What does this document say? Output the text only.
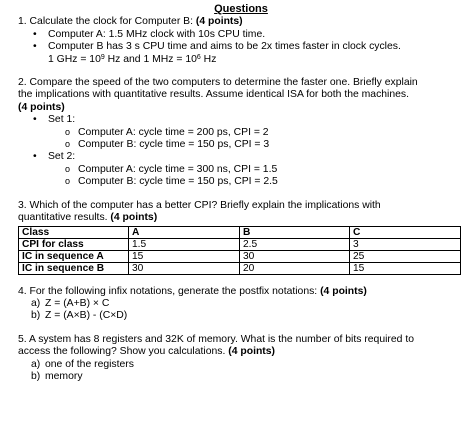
Questions

1. Calculate the clock for Computer B: (4 points)

• Computer A: 1.5 MHz clock with 10s CPU time.
• Computer B has 3 s CPU time and aims to be 2x times faster in clock cycles.
1 GHz = $10^9$ Hz and 1 MHz = $10^6$ Hz

2. Compare the speed of the two computers to determine the faster one. Briefly explain

the implications with quantitative results. Assume identical ISA for both the machines.

(4 points)

• Set 1:
o Computer A: cycle time = 200 ps, CPI = 2
o Computer B: cycle time = 150 ps, CPI = 3
• Set 2:
o Computer A: cycle time = 300 ns, CPI = 1.5
o Computer B: cycle time = 150 ps, CPI = 2.5

3. Which of the computer has a better CPI? Briefly explain the implications with

quantitative results. (4 points)

Class	A	B	C
CPI for class	1.5	2.5	3
IC in sequence A	15	30	25
IC in sequence B	30	20	15

4. For the following infix notations, generate the postfix notations: (4 points)

a) Z = (A+B) × C
b) Z = (A×B) - (C×D)

5. A system has 8 registers and 32K of memory. What is the number of bits required to

access the following? Show you calculations. (4 points)

a) one of the registers
b) memory
